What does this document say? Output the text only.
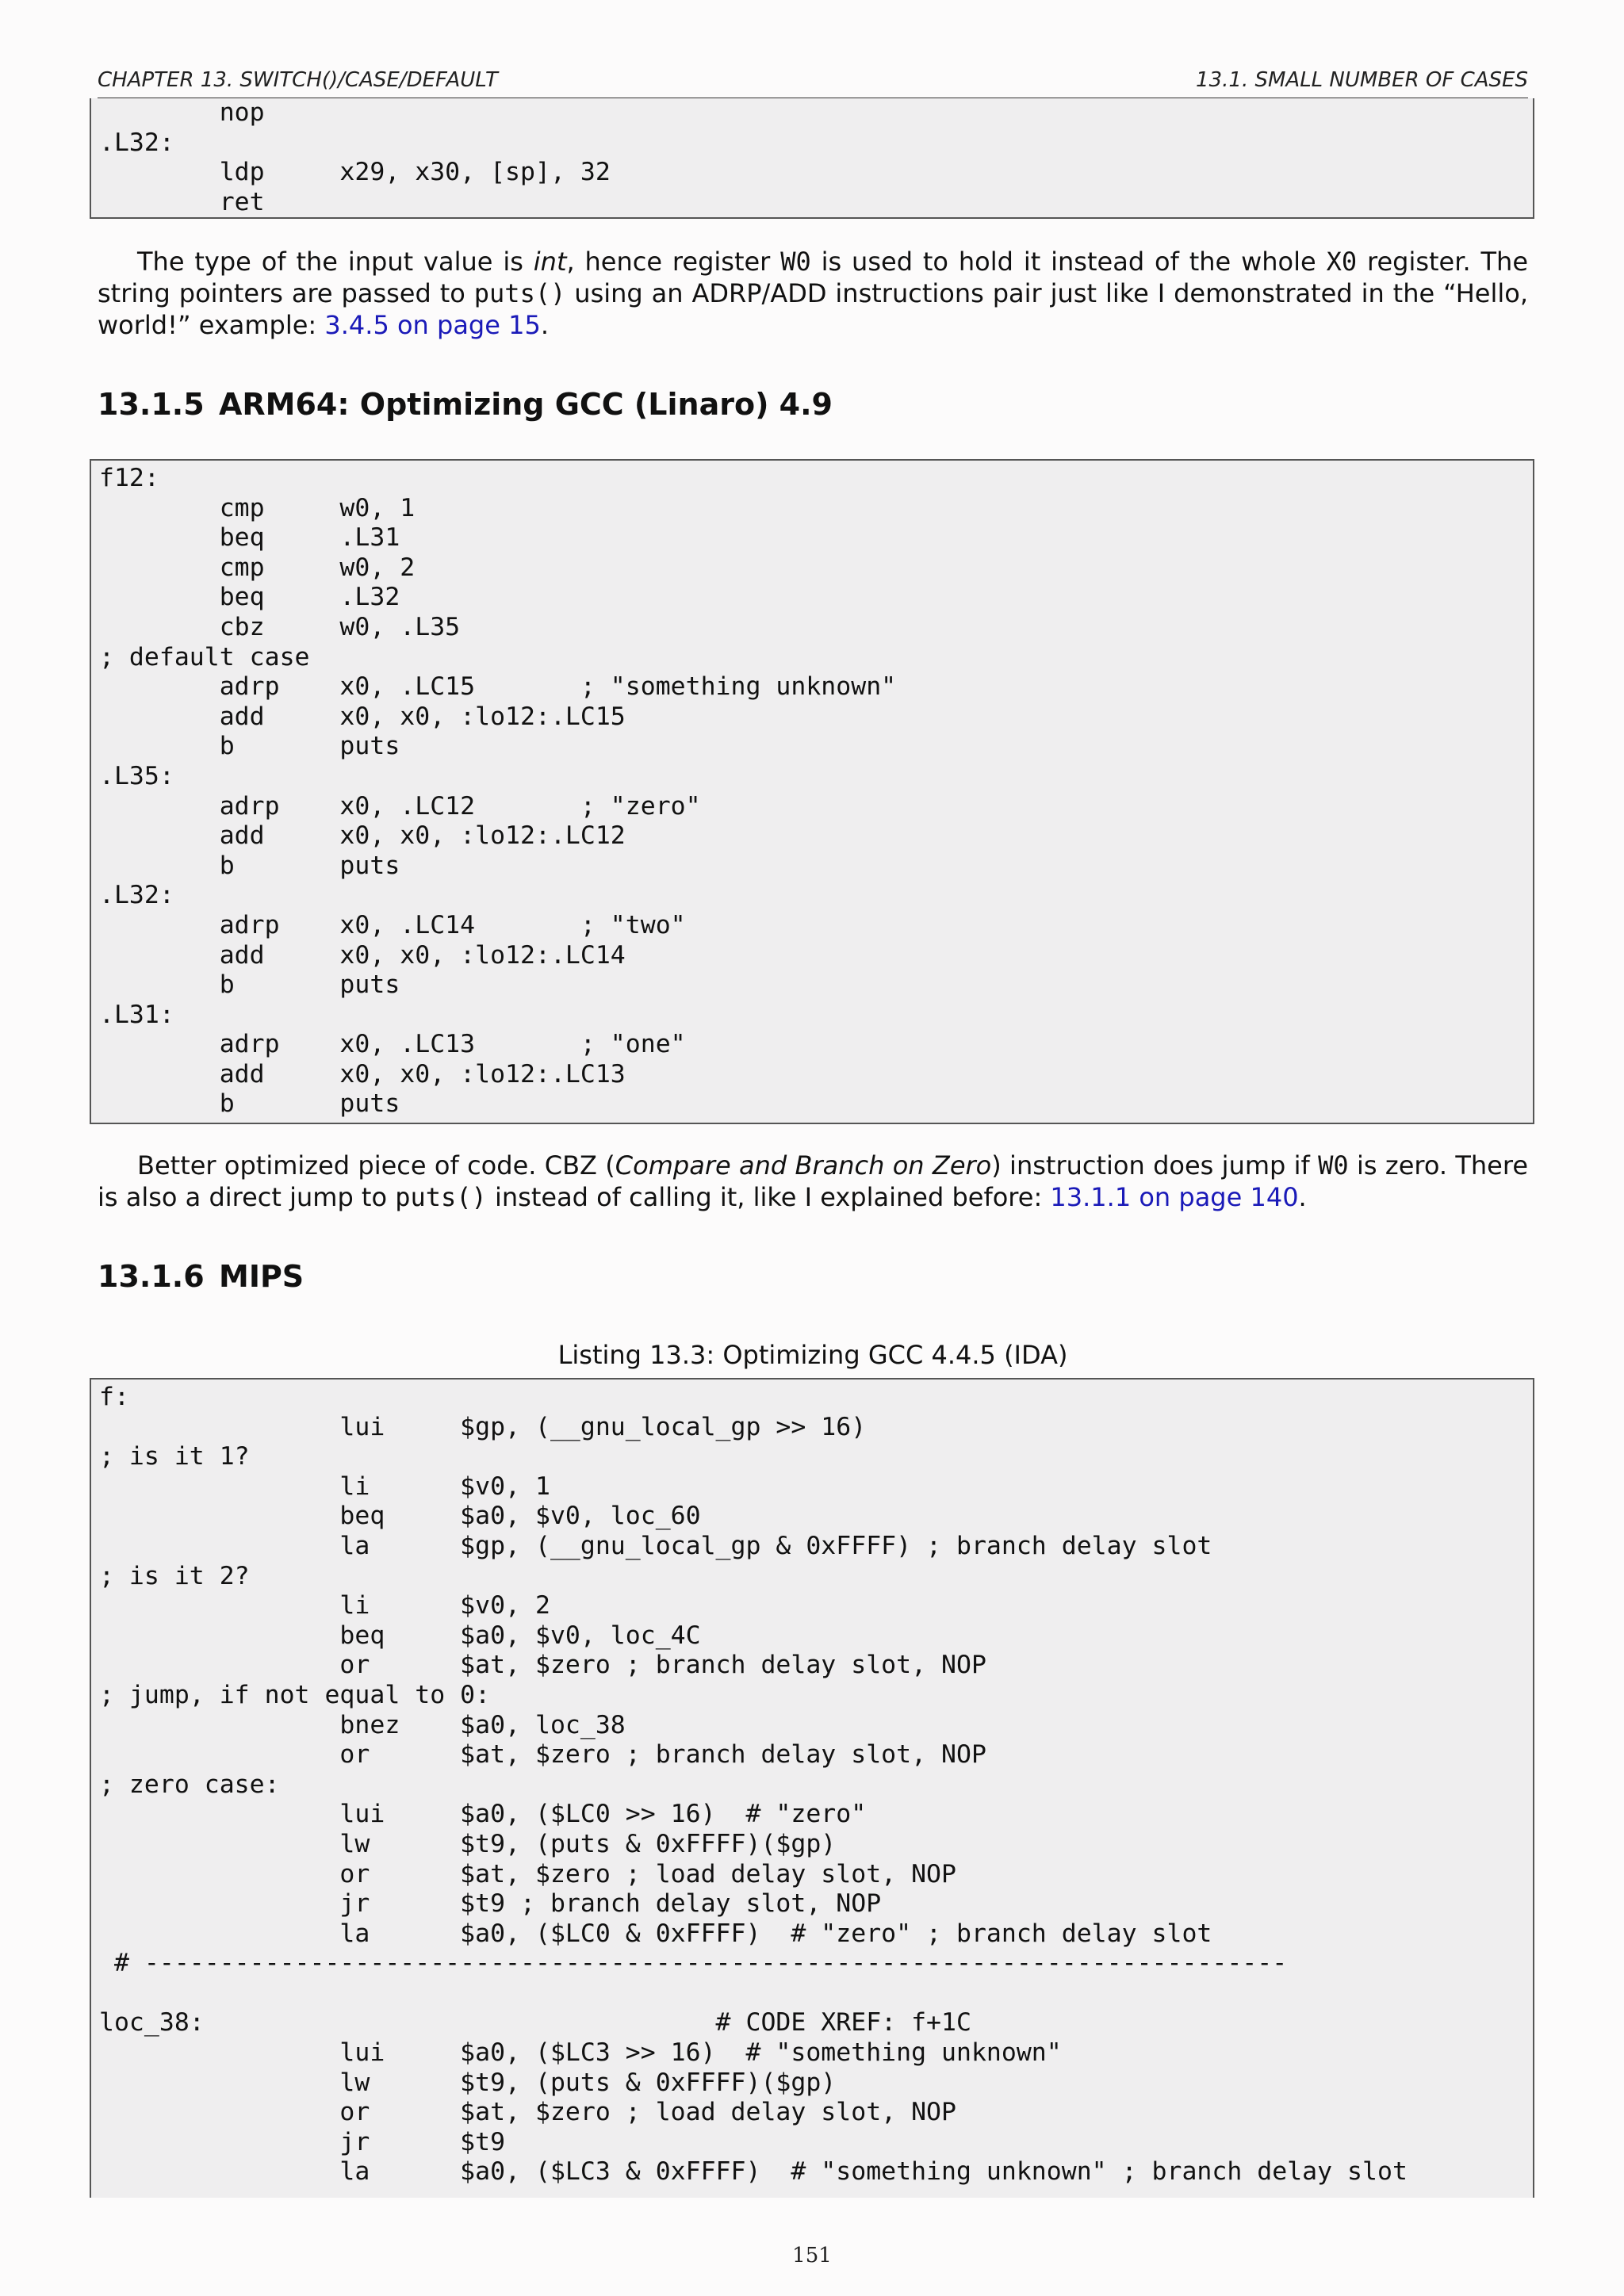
CHAPTER 13. SWITCH()/CASE/DEFAULT	13.1. SMALL NUMBER OF CASES
nop
.L32:
ldp     x29, x30, [sp], 32
ret

The type of the input value is int, hence register W0 is used to hold it instead of the whole X0 register. The string pointers are passed to puts() using an ADRP/ADD instructions pair just like I demonstrated in the “Hello, world!” example: 3.4.5 on page 15.

13.1.5 ARM64: Optimizing GCC (Linaro) 4.9
f12:
cmp     w0, 1
beq     .L31
cmp     w0, 2
beq     .L32
cbz     w0, .L35
; default case
adrp    x0, .LC15       ; "something unknown"
add     x0, x0, :lo12:.LC15
b       puts
.L35:
adrp    x0, .LC12       ; "zero"
add     x0, x0, :lo12:.LC12
b       puts
.L32:
adrp    x0, .LC14       ; "two"
add     x0, x0, :lo12:.LC14
b       puts
.L31:
adrp    x0, .LC13       ; "one"
add     x0, x0, :lo12:.LC13
b       puts

Better optimized piece of code. CBZ (Compare and Branch on Zero) instruction does jump if W0 is zero. There is also a direct jump to puts() instead of calling it, like I explained before: 13.1.1 on page 140.

13.1.6 MIPS
Listing 13.3: Optimizing GCC 4.4.5 (IDA)
f:
lui     $gp, (__gnu_local_gp >> 16)
; is it 1?
li      $v0, 1
beq     $a0, $v0, loc_60
la      $gp, (__gnu_local_gp & 0xFFFF) ; branch delay slot
; is it 2?
li      $v0, 2
beq     $a0, $v0, loc_4C
or      $at, $zero ; branch delay slot, NOP
; jump, if not equal to 0:
bnez    $a0, loc_38
or      $at, $zero ; branch delay slot, NOP
; zero case:
lui     $a0, ($LC0 >> 16)  # "zero"
lw      $t9, (puts & 0xFFFF)($gp)
or      $at, $zero ; load delay slot, NOP
jr      $t9 ; branch delay slot, NOP
la      $a0, ($LC0 & 0xFFFF)  # "zero" ; branch delay slot
# ----------------------------------------------------------------------------

loc_38:                                  # CODE XREF: f+1C
lui     $a0, ($LC3 >> 16)  # "something unknown"
lw      $t9, (puts & 0xFFFF)($gp)
or      $at, $zero ; load delay slot, NOP
jr      $t9
la      $a0, ($LC3 & 0xFFFF)  # "something unknown" ; branch delay slot
151
